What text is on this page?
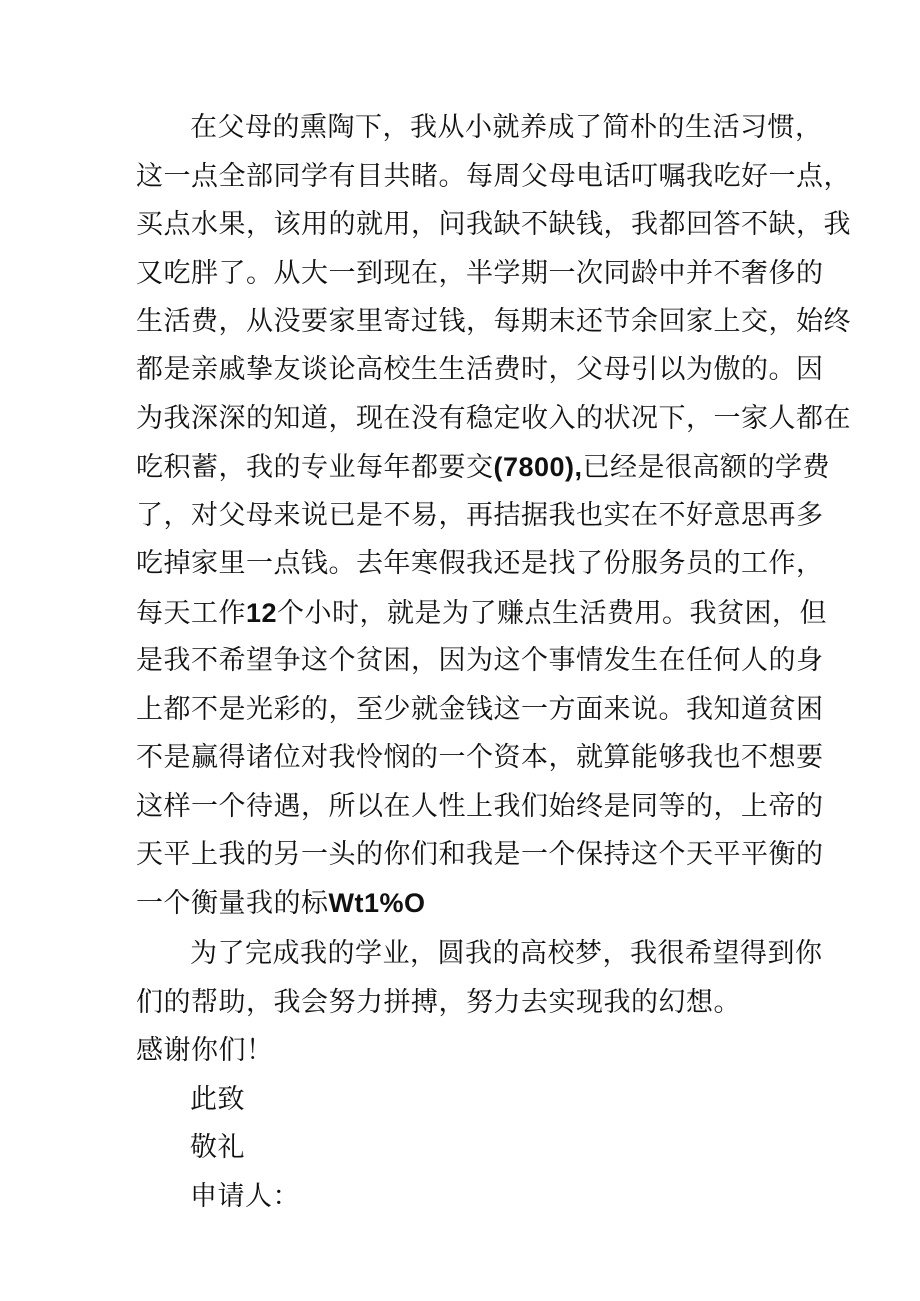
在父母的熏陶下，我从小就养成了简朴的生活习惯，
这一点全部同学有目共睹。每周父母电话叮嘱我吃好一点，
买点水果，该用的就用，问我缺不缺钱，我都回答不缺，我
又吃胖了。从大一到现在，半学期一次同龄中并不奢侈的
生活费，从没要家里寄过钱，每期末还节余回家上交，始终
都是亲戚挚友谈论高校生生活费时，父母引以为傲的。因
为我深深的知道，现在没有稳定收入的状况下，一家人都在
吃积蓄，我的专业每年都要交(7800),已经是很高额的学费
了，对父母来说已是不易，再拮据我也实在不好意思再多
吃掉家里一点钱。去年寒假我还是找了份服务员的工作，
每天工作12个小时，就是为了赚点生活费用。我贫困，但
是我不希望争这个贫困，因为这个事情发生在任何人的身
上都不是光彩的，至少就金钱这一方面来说。我知道贫困
不是赢得诸位对我怜悯的一个资本，就算能够我也不想要
这样一个待遇，所以在人性上我们始终是同等的，上帝的
天平上我的另一头的你们和我是一个保持这个天平平衡的
一个衡量我的标Wt1%O
为了完成我的学业，圆我的高校梦，我很希望得到你
们的帮助，我会努力拼搏，努力去实现我的幻想。
感谢你们！
此致
敬礼
申请人：
